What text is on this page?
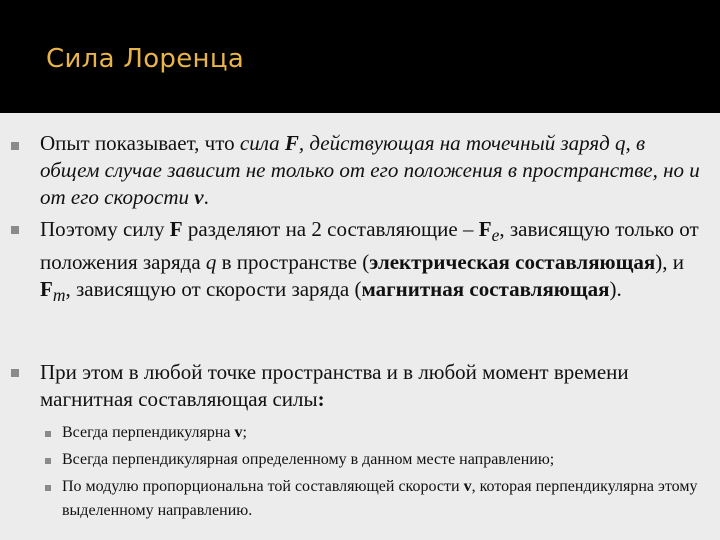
Сила Лоренца
Опыт показывает, что сила F, действующая на точечный заряд q, в общем случае зависит не только от его положения в пространстве, но и от его скорости v.
Поэтому силу F разделяют на 2 составляющие – $F_e$, зависящую только от положения заряда q в пространстве (электрическая составляющая), и $F_m$, зависящую от скорости заряда (магнитная составляющая).
При этом в любой точке пространства и в любой момент времени магнитная составляющая силы:
Всегда перпендикулярна v;
Всегда перпендикулярная определенному в данном месте направлению;
По модулю пропорциональна той составляющей скорости v, которая перпендикулярна этому выделенному направлению.
